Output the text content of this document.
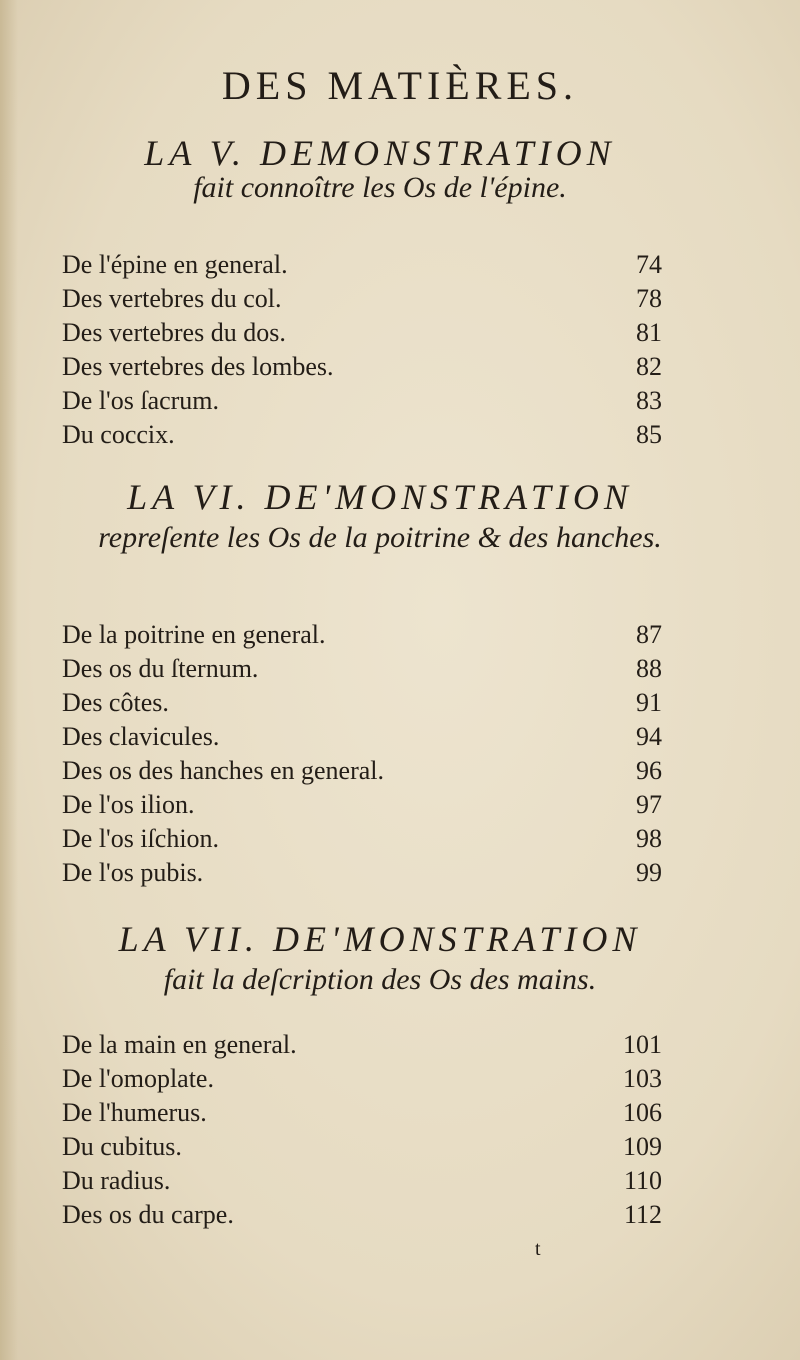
DES MATIÈRES.
LA V. DEMONSTRATION
fait connoître les Os de l'épine.
De l'épine en general.	74
Des vertebres du col.	78
Des vertebres du dos.	81
Des vertebres des lombes.	82
De l'os ſacrum.	83
Du coccix.	85
LA VI. DE'MONSTRATION
repreſente les Os de la poitrine & des hanches.
De la poitrine en general.	87
Des os du ſternum.	88
Des côtes.	91
Des clavicules.	94
Des os des hanches en general.	96
De l'os ilion.	97
De l'os iſchion.	98
De l'os pubis.	99
LA VII. DE'MONSTRATION
fait la deſcription des Os des mains.
De la main en general.	101
De l'omoplate.	103
De l'humerus.	106
Du cubitus.	109
Du radius.	110
Des os du carpe.	112
t
